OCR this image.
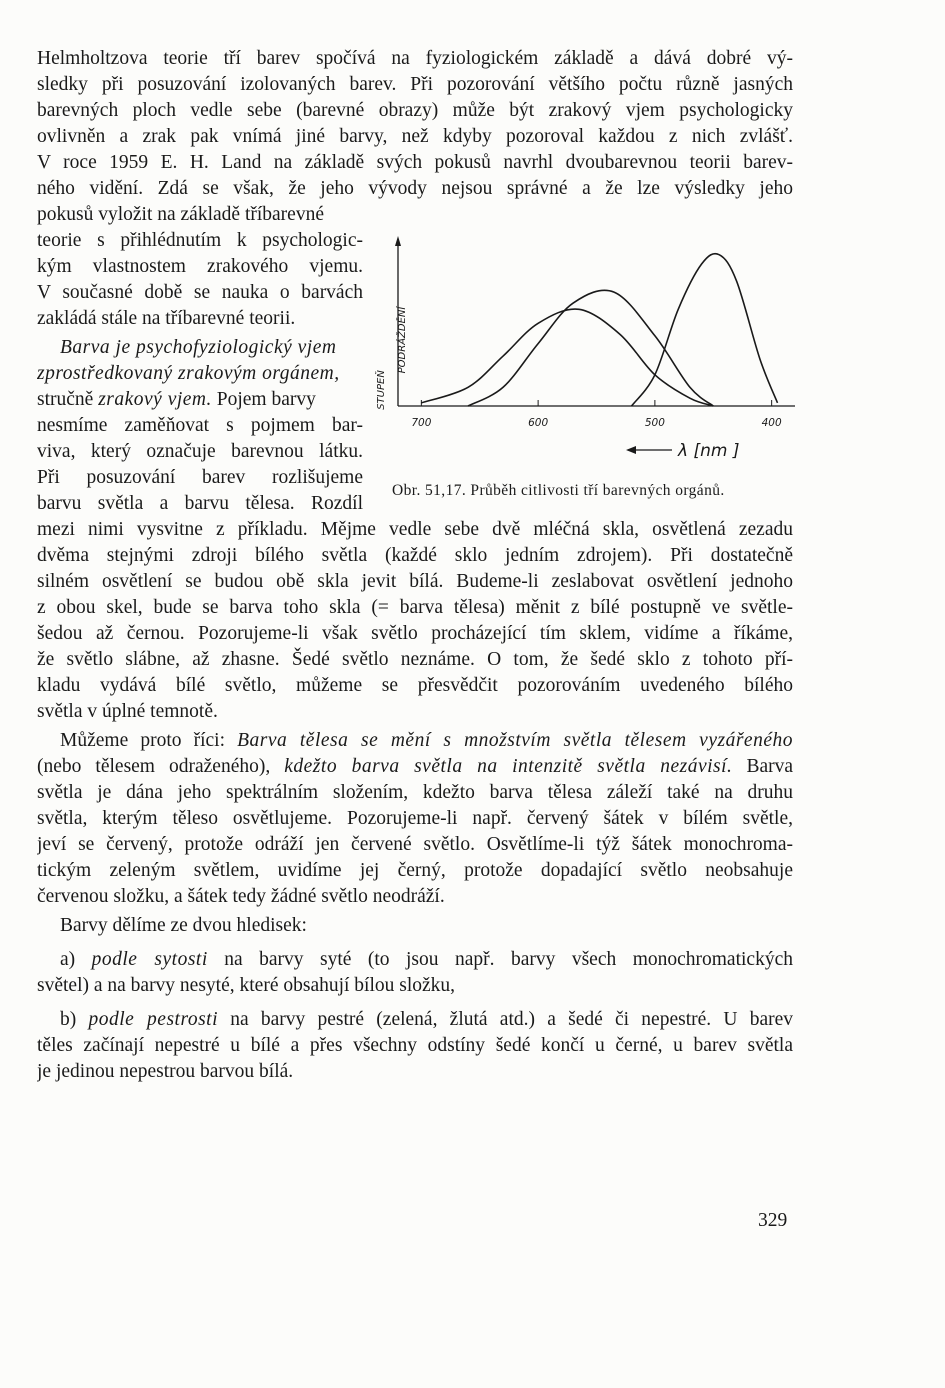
Helmholtzova teorie tří barev spočívá na fyziologickém základě a dává dobré vý-
sledky při posuzování izolovaných barev. Při pozorování většího počtu různě jasných
barevných ploch vedle sebe (barevné obrazy) může být zrakový vjem psychologicky
ovlivněn a zrak pak vnímá jiné barvy, než kdyby pozoroval každou z nich zvlášť.
V roce 1959 E. H. Land na základě svých pokusů navrhl dvoubarevnou teorii barev-
ného vidění. Zdá se však, že jeho vývody nejsou správné a že lze výsledky jeho
pokusů vyložit na základě tříbarevné
teorie s přihlédnutím k psychologic-
kým vlastnostem zrakového vjemu.
V současné době se nauka o barvách
zakládá stále na tříbarevné teorii.
Barva je psychofyziologický vjem
zprostředkovaný zrakovým orgánem,
stručně zrakový vjem. Pojem barvy
nesmíme zaměňovat s pojmem bar-
viva, který označuje barevnou látku.
Při posuzování barev rozlišujeme
barvu světla a barvu tělesa. Rozdíl
mezi nimi vysvitne z příkladu. Mějme vedle sebe dvě mléčná skla, osvětlená zezadu
dvěma stejnými zdroji bílého světla (každé sklo jedním zdrojem). Při dostatečně
silném osvětlení se budou obě skla jevit bílá. Budeme-li zeslabovat osvětlení jednoho
z obou skel, bude se barva toho skla (= barva tělesa) měnit z bílé postupně ve světle-
šedou až černou. Pozorujeme-li však světlo procházející tím sklem, vidíme a říkáme,
že světlo slábne, až zhasne. Šedé světlo neznáme. O tom, že šedé sklo z tohoto pří-
kladu vydává bílé světlo, můžeme se přesvědčit pozorováním uvedeného bílého
světla v úplné temnotě.
Můžeme proto říci: Barva tělesa se mění s množstvím světla tělesem vyzářeného
(nebo tělesem odraženého), kdežto barva světla na intenzitě světla nezávisí. Barva
světla je dána jeho spektrálním složením, kdežto barva tělesa záleží také na druhu
světla, kterým těleso osvětlujeme. Pozorujeme-li např. červený šátek v bílém světle,
jeví se červený, protože odráží jen červené světlo. Osvětlíme-li týž šátek monochroma-
tickým zeleným světlem, uvidíme jej černý, protože dopadající světlo neobsahuje
červenou složku, a šátek tedy žádné světlo neodráží.
Barvy dělíme ze dvou hledisek:
a) podle sytosti na barvy syté (to jsou např. barvy všech monochromatických
světel) a na barvy nesyté, které obsahují bílou složku,
b) podle pestrosti na barvy pestré (zelená, žlutá atd.) a šedé či nepestré. U barev
těles začínají nepestré u bílé a přes všechny odstíny šedé končí u černé, u barev světla
je jedinou nepestrou barvou bílá.
700	600	500	400
STUPEŇ
PODRÁŽDĚNÍ
λ [nm ]
Obr. 51,17. Průběh citlivosti tří barevných orgánů.
329
